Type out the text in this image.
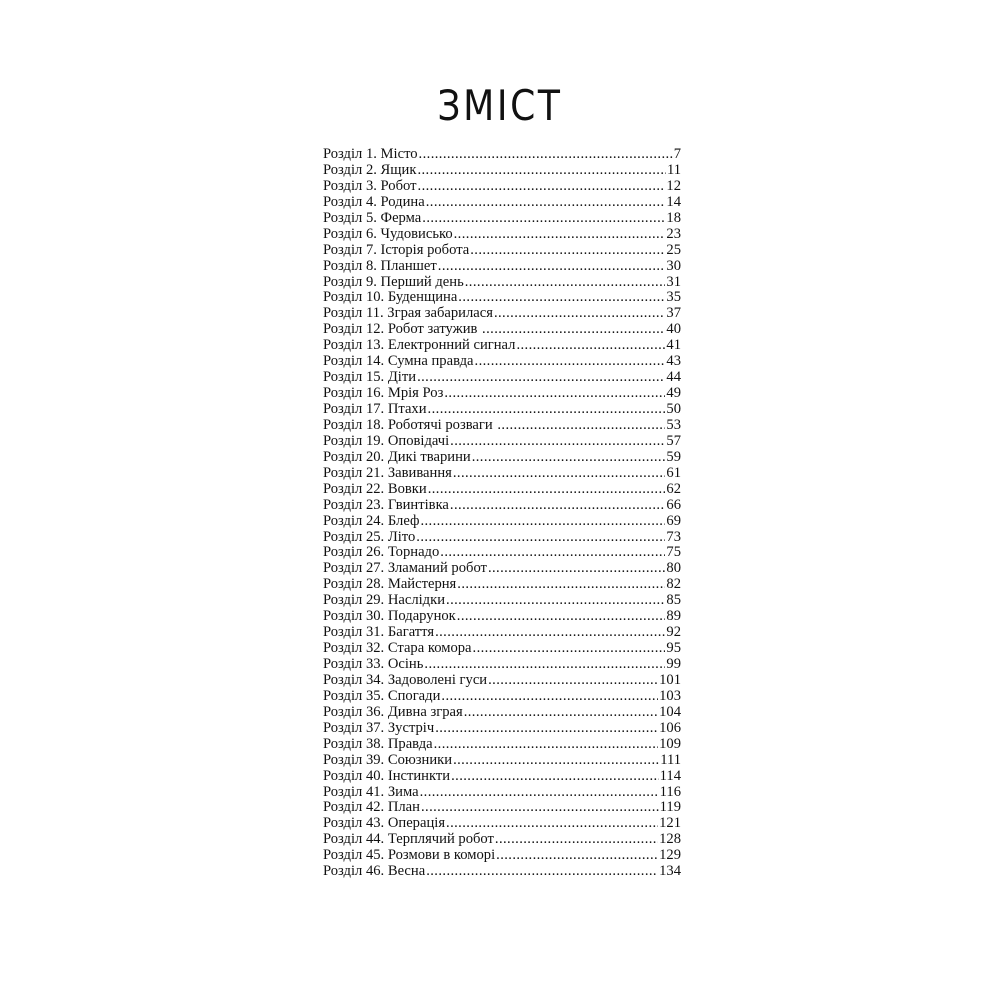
ЗМІСТ
Розділ 1. Місто .....	7
Розділ 2. Ящик .....	11
Розділ 3. Робот .....	12
Розділ 4. Родина .....	14
Розділ 5. Ферма .....	18
Розділ 6. Чудовисько .....	23
Розділ 7. Історія робота .....	25
Розділ 8. Планшет .....	30
Розділ 9. Перший день .....	31
Розділ 10. Буденщина .....	35
Розділ 11. Зграя забарилася .....	37
Розділ 12. Робот затужив .....	40
Розділ 13. Електронний сигнал .....	41
Розділ 14. Сумна правда .....	43
Розділ 15. Діти .....	44
Розділ 16. Мрія Роз .....	49
Розділ 17. Птахи .....	50
Розділ 18. Роботячі розваги .....	53
Розділ 19. Оповідачі .....	57
Розділ 20. Дикі тварини .....	59
Розділ 21. Завивання .....	61
Розділ 22. Вовки .....	62
Розділ 23. Гвинтівка .....	66
Розділ 24. Блеф .....	69
Розділ 25. Літо .....	73
Розділ 26. Торнадо .....	75
Розділ 27. Зламаний робот .....	80
Розділ 28. Майстерня .....	82
Розділ 29. Наслідки .....	85
Розділ 30. Подарунок .....	89
Розділ 31. Багаття .....	92
Розділ 32. Стара комора .....	95
Розділ 33. Осінь .....	99
Розділ 34. Задоволені гуси .....	101
Розділ 35. Спогади .....	103
Розділ 36. Дивна зграя .....	104
Розділ 37. Зустріч .....	106
Розділ 38. Правда .....	109
Розділ 39. Союзники .....	111
Розділ 40. Інстинкти .....	114
Розділ 41. Зима .....	116
Розділ 42. План .....	119
Розділ 43. Операція .....	121
Розділ 44. Терплячий робот .....	128
Розділ 45. Розмови в коморі .....	129
Розділ 46. Весна .....	134
